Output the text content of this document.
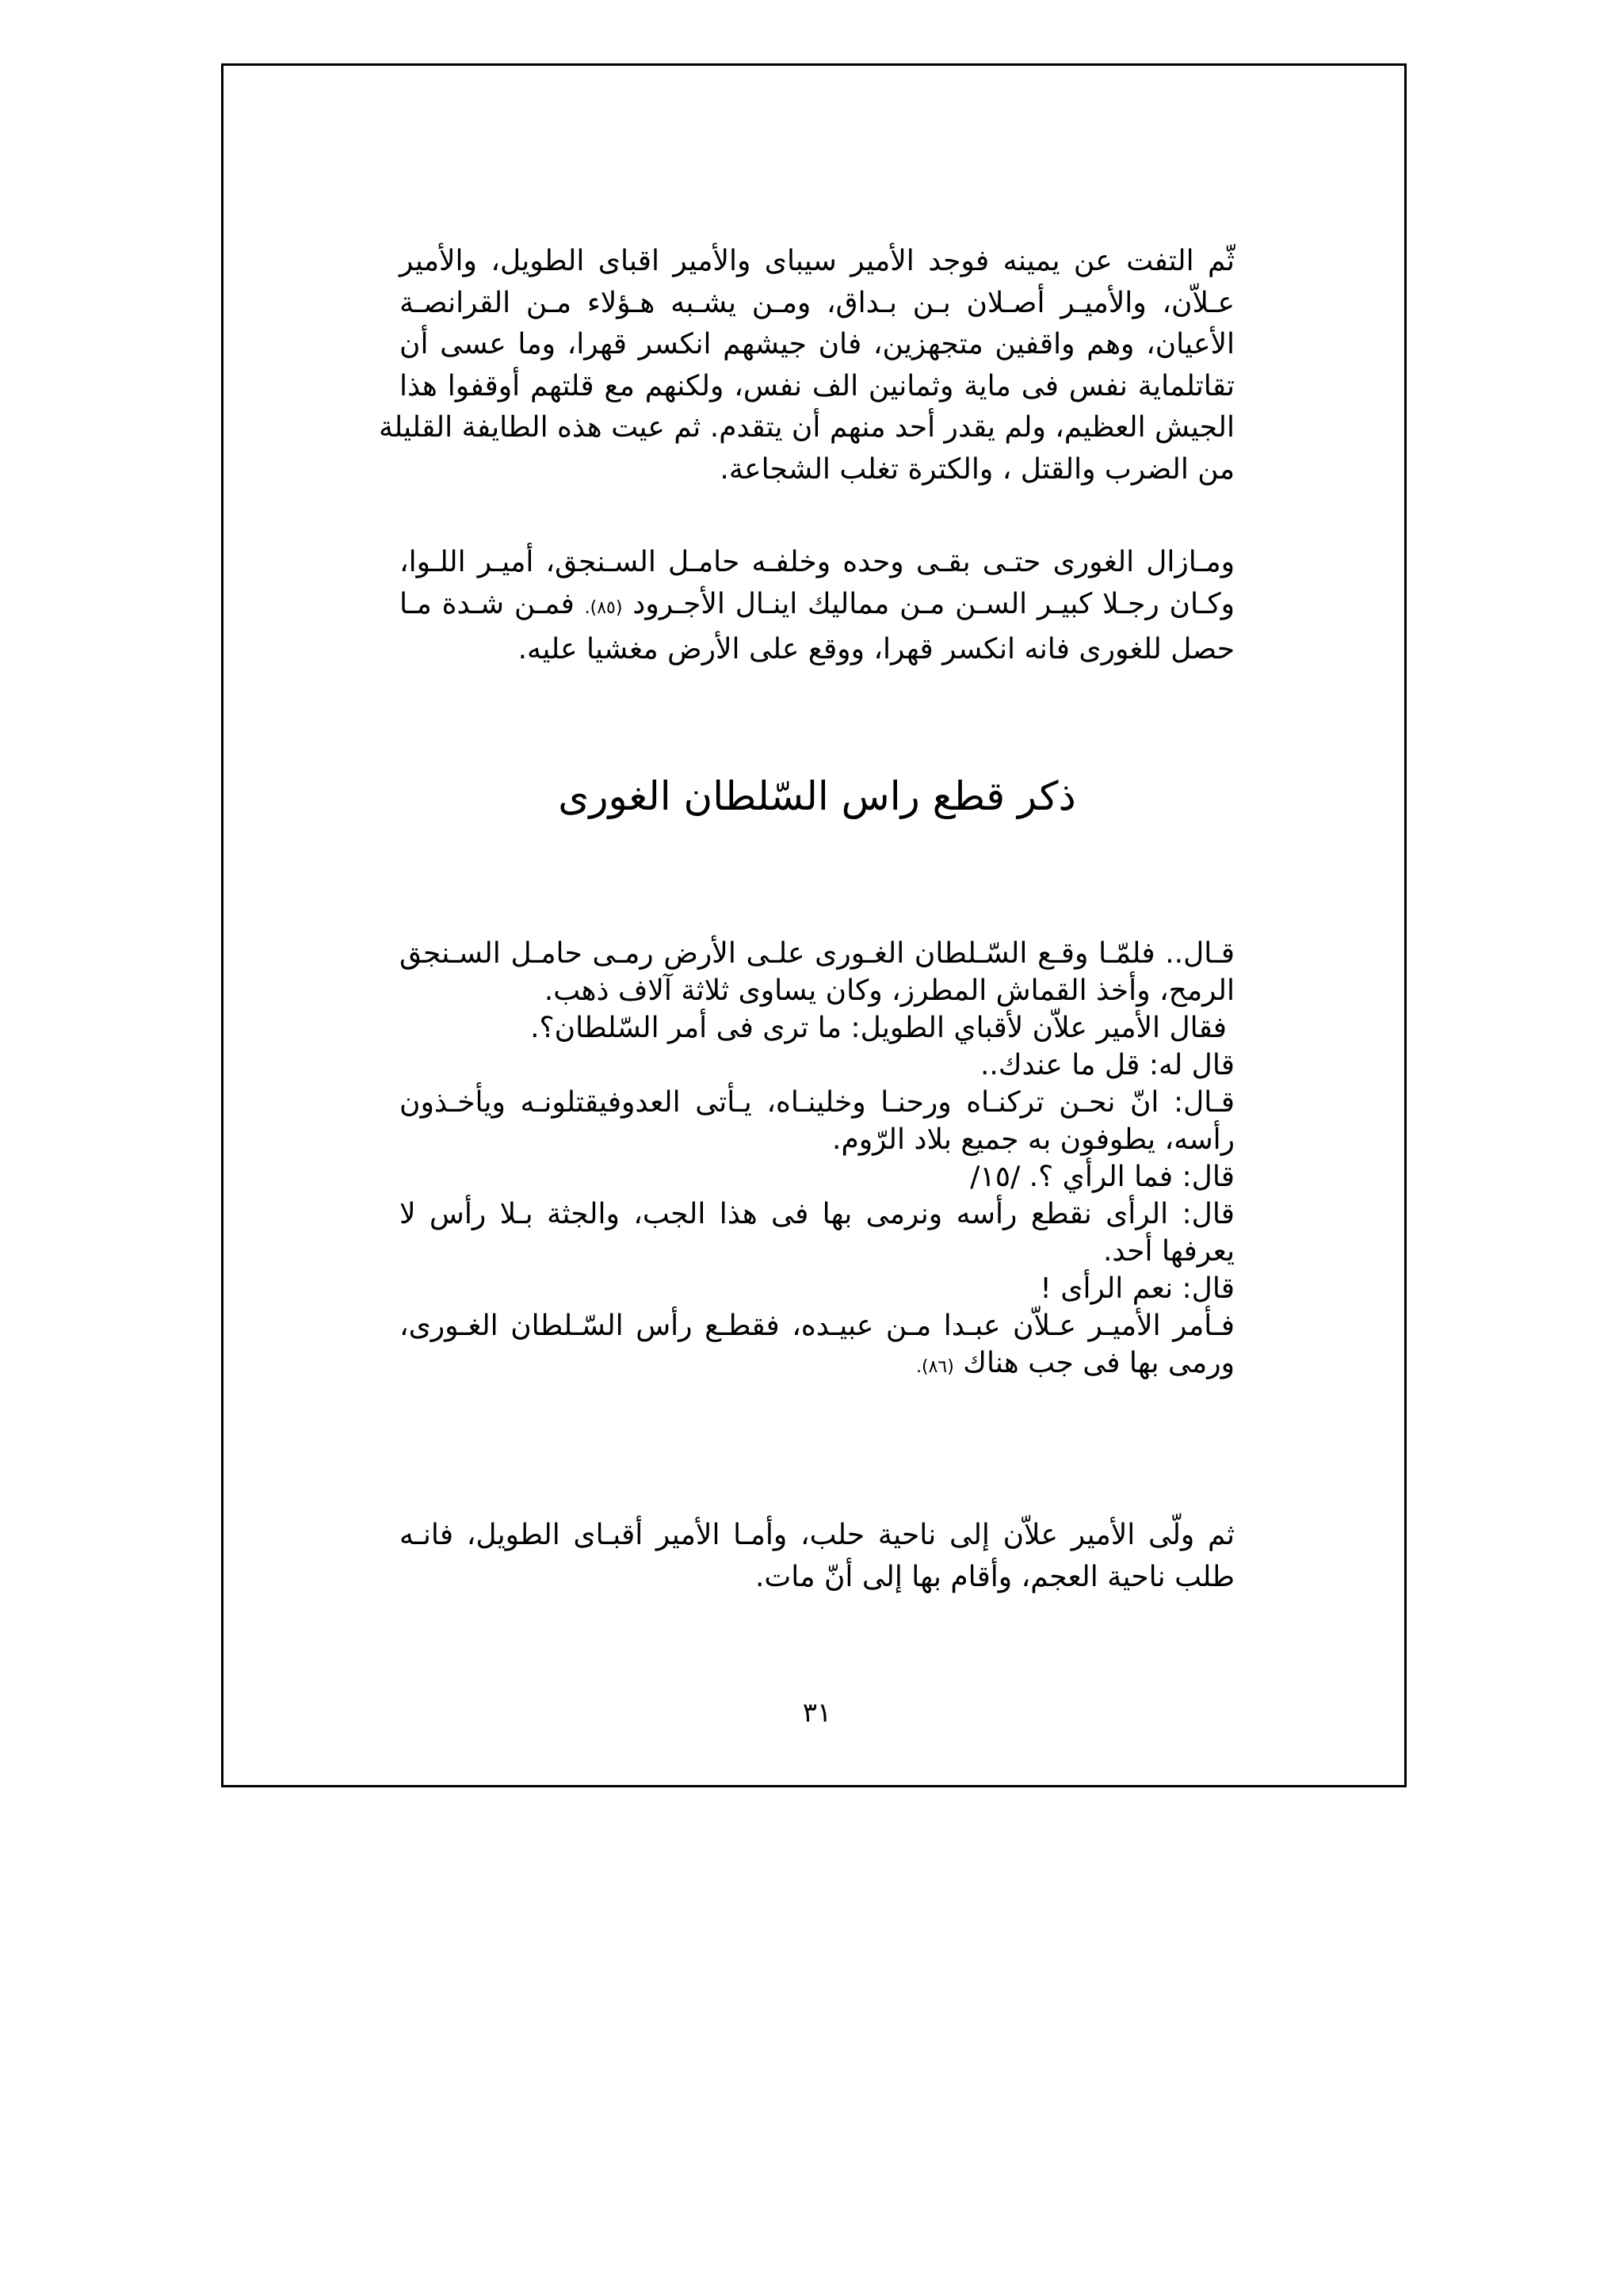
ثّم التفت عن يمينه فوجد الأمير سيباى والأمير اقباى الطويل، والأمير
عـلاّن، والأميـر أصـلان بـن بـداق، ومـن يشـبه هـؤلاء مـن القرانصـة
الأعيان، وهم واقفين متجهزين، فان جيشهم انكسر قهرا، وما عسى أن
تقاتلماية نفس فى ماية وثمانين الف نفس، ولكنهم مع قلتهم أوقفوا هذا
الجيش العظيم، ولم يقدر أحد منهم أن يتقدم. ثم عيت هذه الطايفة القليلة
من الضرب والقتل ، والكترة تغلب الشجاعة.
ومـازال الغورى حتـى بقـى وحده وخلفـه حامـل السـنجق، أميـر اللـوا،
وكـان رجـلا كبيـر السـن مـن مماليك اينـال الأجـرود (٨٥). فمـن شـدة مـا
حصل للغورى فانه انكسر قهرا، ووقع على الأرض مغشيا عليه.
ذكر قطع راس السّلطان الغورى
قـال.. فلمّـا وقـع السّـلطان الغـورى علـى الأرض رمـى حامـل السـنجق
الرمح، وأخذ القماش المطرز، وكان يساوى ثلاثة آلاف ذهب.
فقال الأمير علاّن لأقباي الطويل: ما ترى فى أمر السّلطان؟.
قال له: قل ما عندك..
قـال: انّ نحـن تركنـاه ورحنـا وخلينـاه، يـأتى العدوفيقتلونـه ويأخـذون
رأسه، يطوفون به جميع بلاد الرّوم.
قال: فما الرأي ؟. /١٥/
قال: الرأى نقطع رأسه ونرمى بها فى هذا الجب، والجثة بـلا رأس لا
يعرفها أحد.
قال: نعم الرأى !
فـأمر الأميـر عـلاّن عبـدا مـن عبيـده، فقطـع رأس السّـلطان الغـورى،
ورمى بها فى جب هناك (٨٦).
ثم ولّى الأمير علاّن إلى ناحية حلب، وأمـا الأمير أقبـاى الطويل، فانـه
طلب ناحية العجم، وأقام بها إلى أنّ مات.
٣١
